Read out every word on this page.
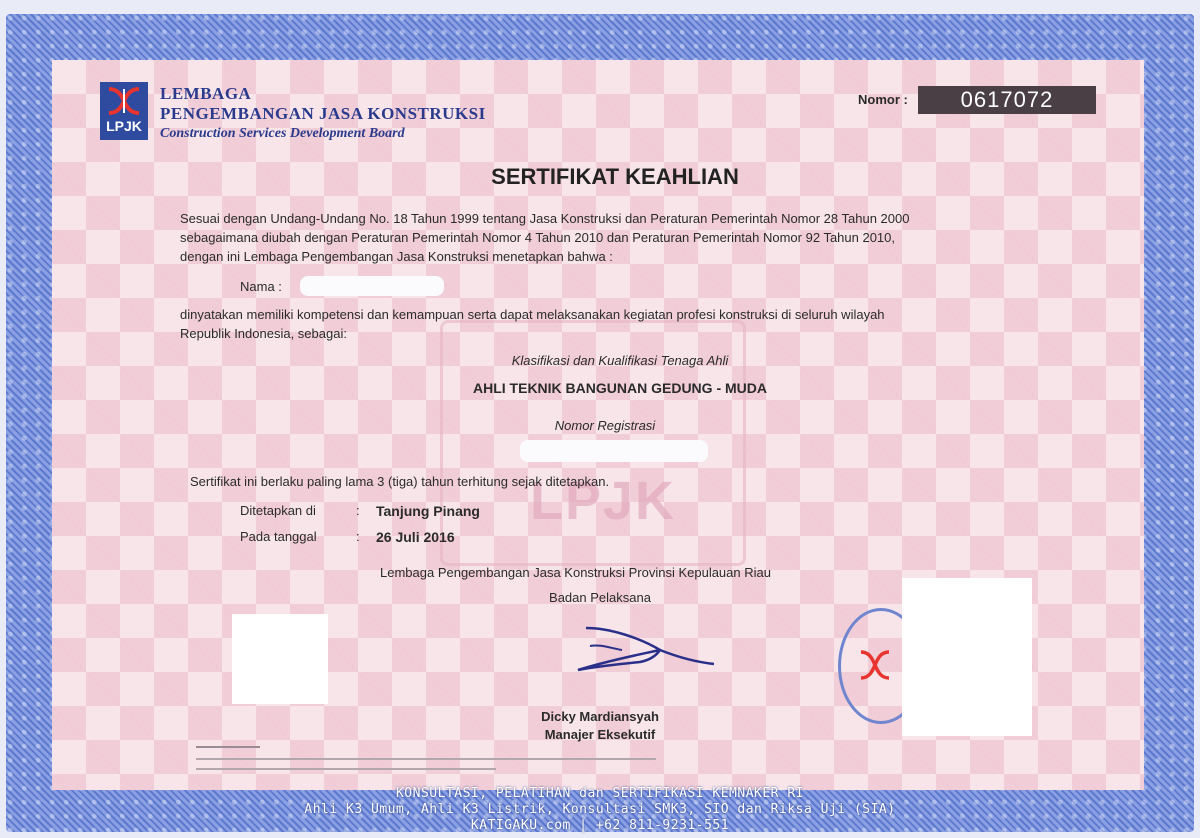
LPJK
LPJK
LEMBAGA
PENGEMBANGAN JASA KONSTRUKSI
Construction Services Development Board
Nomor :	0617072
SERTIFIKAT KEAHLIAN
Sesuai dengan Undang-Undang No. 18 Tahun 1999 tentang Jasa Konstruksi dan Peraturan Pemerintah Nomor 28 Tahun 2000
sebagaimana diubah dengan Peraturan Pemerintah Nomor 4 Tahun 2010 dan Peraturan Pemerintah Nomor 92 Tahun 2010,
dengan ini Lembaga Pengembangan Jasa Konstruksi menetapkan bahwa :
Nama :
dinyatakan memiliki kompetensi dan kemampuan serta dapat melaksanakan kegiatan profesi konstruksi di seluruh wilayah
Republik Indonesia, sebagai:
Klasifikasi dan Kualifikasi Tenaga Ahli
AHLI TEKNIK BANGUNAN GEDUNG - MUDA
Nomor Registrasi
Sertifikat ini berlaku paling lama 3 (tiga) tahun terhitung sejak ditetapkan.
Ditetapkan di	: Tanjung Pinang
Pada tanggal	: 26 Juli 2016
Lembaga Pengembangan Jasa Konstruksi Provinsi Kepulauan Riau
Badan Pelaksana
Dicky Mardiansyah
Manajer Eksekutif
KONSULTASI, PELATIHAN dan SERTIFIKASI KEMNAKER RI
Ahli K3 Umum, Ahli K3 Listrik, Konsultasi SMK3, SIO dan Riksa Uji (SIA)
KATIGAKU.com | +62 811-9231-551
